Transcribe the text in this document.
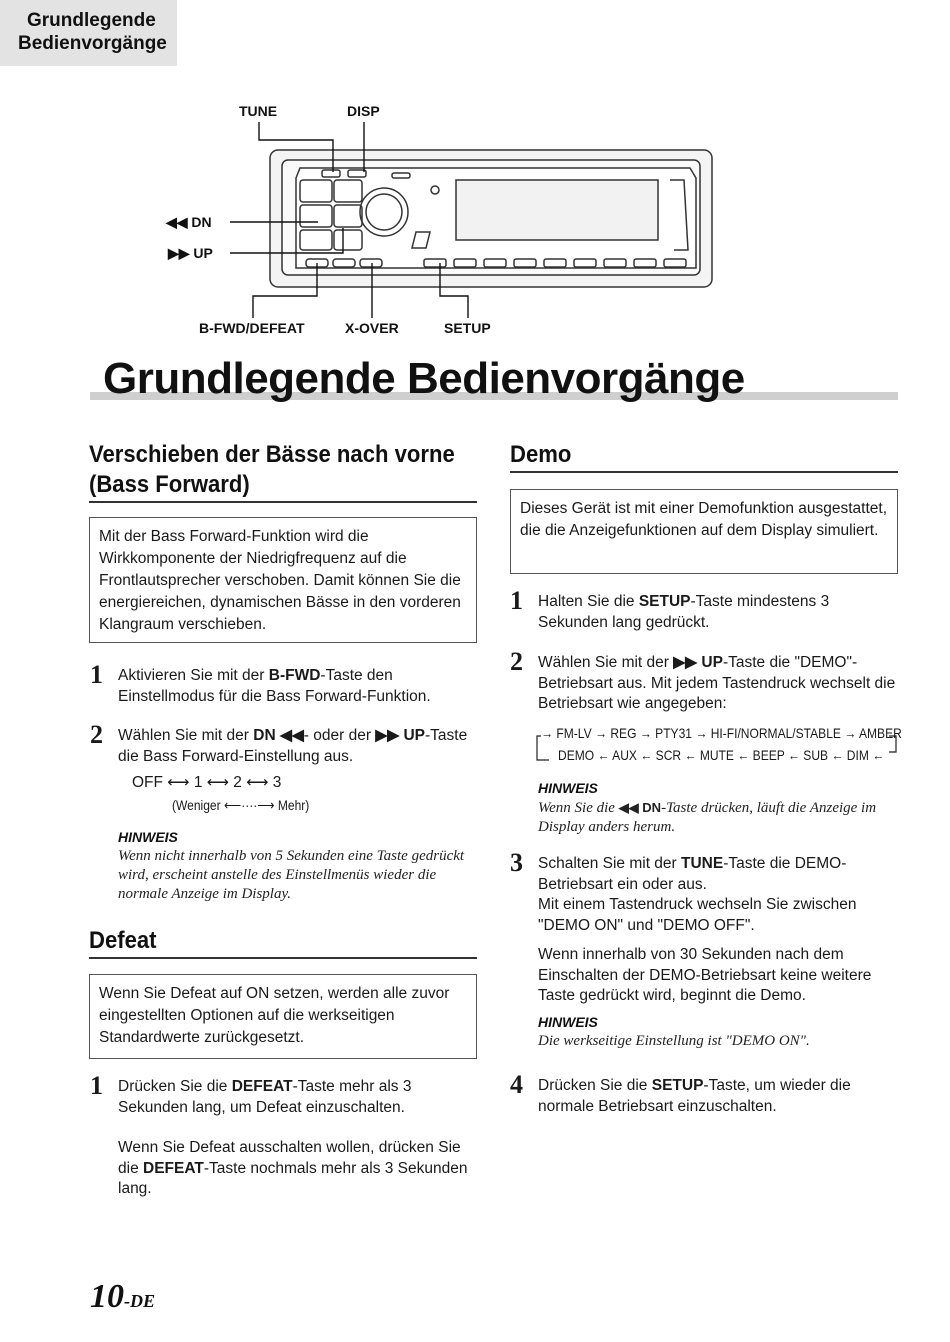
Grundlegende
Bedienvorgänge
TUNE	DISP
◀◀ DN
▶▶ UP
B-FWD/DEFEAT	X-OVER	SETUP
Grundlegende Bedienvorgänge
Verschieben der Bässe nach vorne
(Bass Forward)
Mit der Bass Forward-Funktion wird die Wirkkomponente der Niedrigfrequenz auf die Frontlautsprecher verschoben. Damit können Sie die energiereichen, dynamischen Bässe in den vorderen Klangraum verschieben.
1 Aktivieren Sie mit der B-FWD-Taste den Einstellmodus für die Bass Forward-Funktion.
2 Wählen Sie mit der DN ◀◀- oder der ▶▶ UP-Taste die Bass Forward-Einstellung aus.
OFF ⟷ 1 ⟷ 2 ⟷ 3
(Weniger ⟵····⟶ Mehr)
HINWEIS
Wenn nicht innerhalb von 5 Sekunden eine Taste gedrückt wird, erscheint anstelle des Einstellmenüs wieder die normale Anzeige im Display.
Defeat
Wenn Sie Defeat auf ON setzen, werden alle zuvor eingestellten Optionen auf die werkseitigen Standardwerte zurückgesetzt.
1 Drücken Sie die DEFEAT-Taste mehr als 3 Sekunden lang, um Defeat einzuschalten.
Wenn Sie Defeat ausschalten wollen, drücken Sie die DEFEAT-Taste nochmals mehr als 3 Sekunden lang.
Demo
Dieses Gerät ist mit einer Demofunktion ausgestattet, die die Anzeigefunktionen auf dem Display simuliert.
1 Halten Sie die SETUP-Taste mindestens 3 Sekunden lang gedrückt.
2 Wählen Sie mit der ▶▶ UP-Taste die "DEMO"-Betriebsart aus. Mit jedem Tastendruck wechselt die Betriebsart wie angegeben:
→ FM-LV → REG → PTY31 → HI-FI/NORMAL/STABLE → AMBER
DEMO ← AUX ← SCR ← MUTE ← BEEP ← SUB ← DIM ←
HINWEIS
Wenn Sie die ◀◀ DN-Taste drücken, läuft die Anzeige im Display anders herum.
3 Schalten Sie mit der TUNE-Taste die DEMO-Betriebsart ein oder aus.
Mit einem Tastendruck wechseln Sie zwischen "DEMO ON" und "DEMO OFF".
Wenn innerhalb von 30 Sekunden nach dem Einschalten der DEMO-Betriebsart keine weitere Taste gedrückt wird, beginnt die Demo.
HINWEIS
Die werkseitige Einstellung ist "DEMO ON".
4 Drücken Sie die SETUP-Taste, um wieder die normale Betriebsart einzuschalten.
10-DE
